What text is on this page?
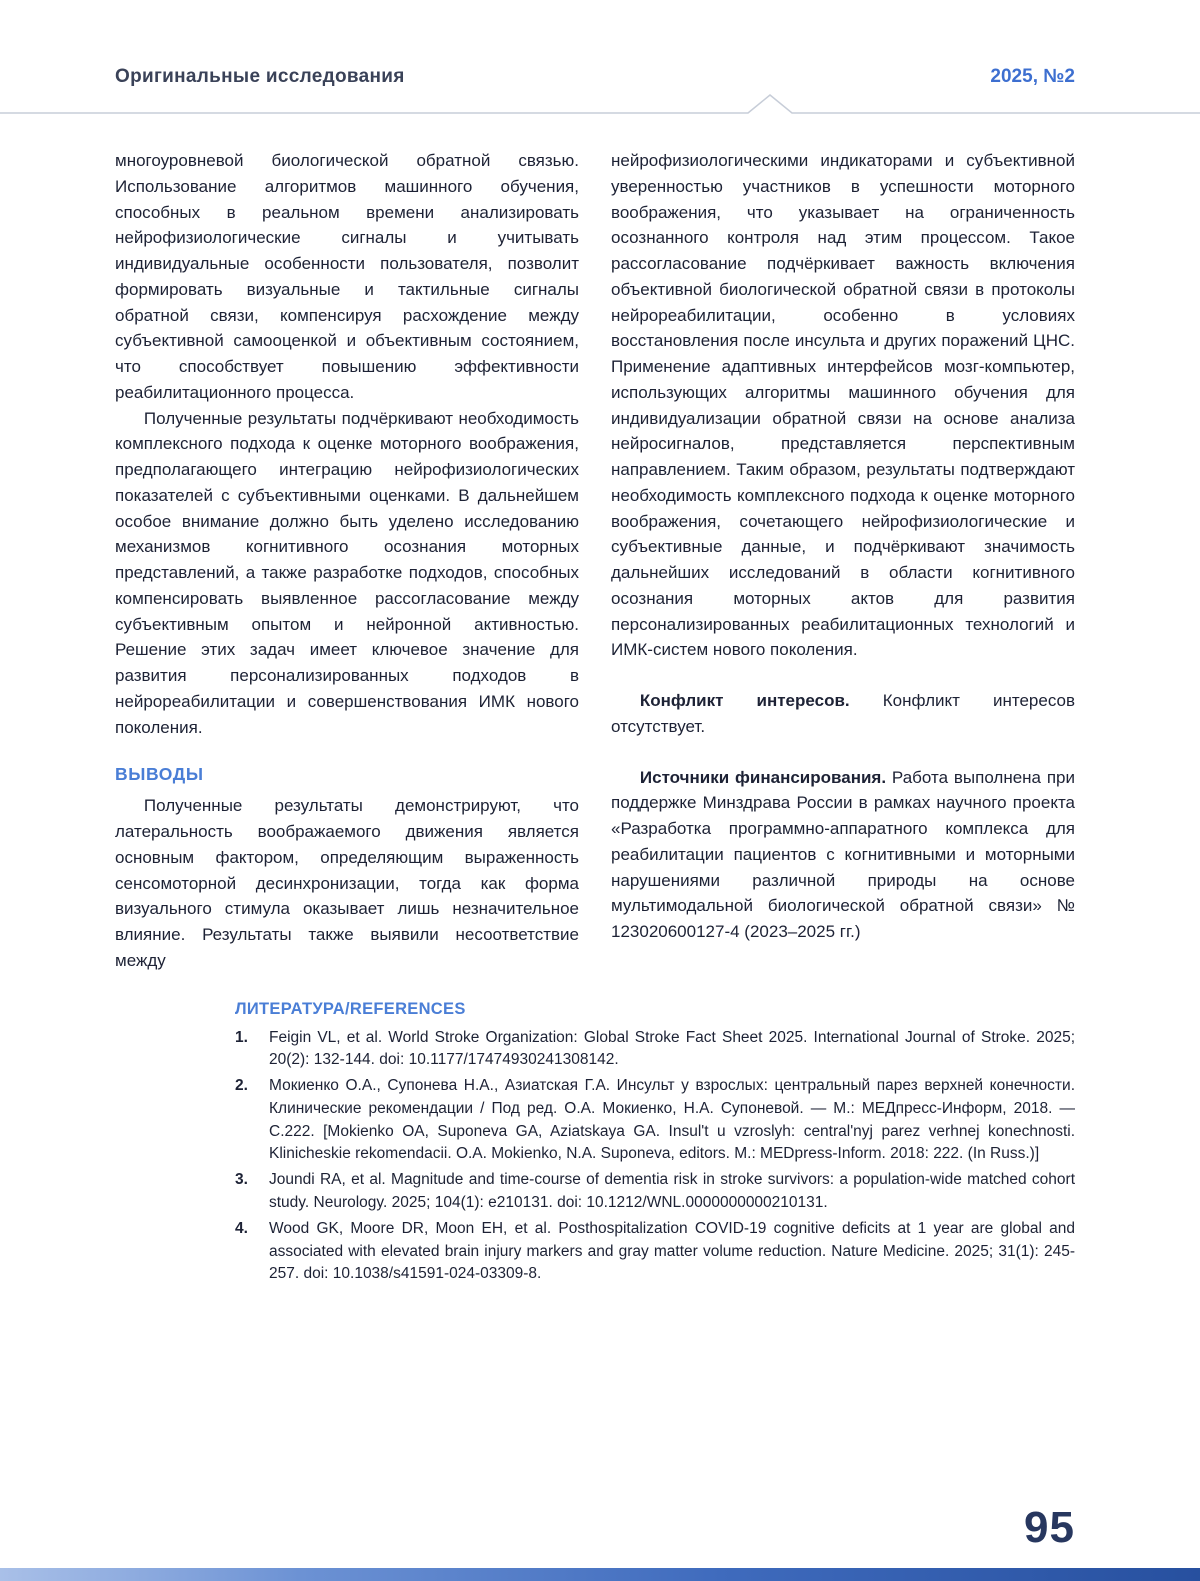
Оригинальные исследования	2025, №2

многоуровневой биологической обратной связью. Использование алгоритмов машинного обучения, способных в реальном времени анализировать нейрофизиологические сигналы и учитывать индивидуальные особенности пользователя, позволит формировать визуальные и тактильные сигналы обратной связи, компенсируя расхождение между субъективной самооценкой и объективным состоянием, что способствует повышению эффективности реабилитационного процесса.

Полученные результаты подчёркивают необходимость комплексного подхода к оценке моторного воображения, предполагающего интеграцию нейрофизиологических показателей с субъективными оценками. В дальнейшем особое внимание должно быть уделено исследованию механизмов когнитивного осознания моторных представлений, а также разработке подходов, способных компенсировать выявленное рассогласование между субъективным опытом и нейронной активностью. Решение этих задач имеет ключевое значение для развития персонализированных подходов в нейрореабилитации и совершенствования ИМК нового поколения.

ВЫВОДЫ

Полученные результаты демонстрируют, что латеральность воображаемого движения является основным фактором, определяющим выраженность сенсомоторной десинхронизации, тогда как форма визуального стимула оказывает лишь незначительное влияние. Результаты также выявили несоответствие между

нейрофизиологическими индикаторами и субъективной уверенностью участников в успешности моторного воображения, что указывает на ограниченность осознанного контроля над этим процессом. Такое рассогласование подчёркивает важность включения объективной биологической обратной связи в протоколы нейрореабилитации, особенно в условиях восстановления после инсульта и других поражений ЦНС. Применение адаптивных интерфейсов мозг-компьютер, использующих алгоритмы машинного обучения для индивидуализации обратной связи на основе анализа нейросигналов, представляется перспективным направлением. Таким образом, результаты подтверждают необходимость комплексного подхода к оценке моторного воображения, сочетающего нейрофизиологические и субъективные данные, и подчёркивают значимость дальнейших исследований в области когнитивного осознания моторных актов для развития персонализированных реабилитационных технологий и ИМК-систем нового поколения.

Конфликт интересов. Конфликт интересов отсутствует.

Источники финансирования. Работа выполнена при поддержке Минздрава России в рамках научного проекта «Разработка программно-аппаратного комплекса для реабилитации пациентов с когнитивными и моторными нарушениями различной природы на основе мультимодальной биологической обратной связи» № 123020600127-4 (2023–2025 гг.)

ЛИТЕРАТУРА/REFERENCES
1.	Feigin VL, et al. World Stroke Organization: Global Stroke Fact Sheet 2025. International Journal of Stroke. 2025; 20(2): 132-144. doi: 10.1177/17474930241308142.
2.	Мокиенко О.А., Супонева Н.А., Азиатская Г.А. Инсульт у взрослых: центральный парез верхней конечности. Клинические рекомендации / Под ред. О.А. Мокиенко, Н.А. Супоневой. — М.: МЕДпресс-Информ, 2018. — С.222. [Mokienko OA, Suponeva GA, Aziatskaya GA. Insul't u vzroslyh: central'nyj parez verhnej konechnosti. Klinicheskie rekomendacii. O.A. Mokienko, N.A. Suponeva, editors. М.: MEDpress-Inform. 2018: 222. (In Russ.)]
3.	Joundi RA, et al. Magnitude and time-course of dementia risk in stroke survivors: a population-wide matched cohort study. Neurology. 2025; 104(1): e210131. doi: 10.1212/WNL.0000000000210131.
4.	Wood GK, Moore DR, Moon EH, et al. Posthospitalization COVID-19 cognitive deficits at 1 year are global and associated with elevated brain injury markers and gray matter volume reduction. Nature Medicine. 2025; 31(1): 245-257. doi: 10.1038/s41591-024-03309-8.
95
